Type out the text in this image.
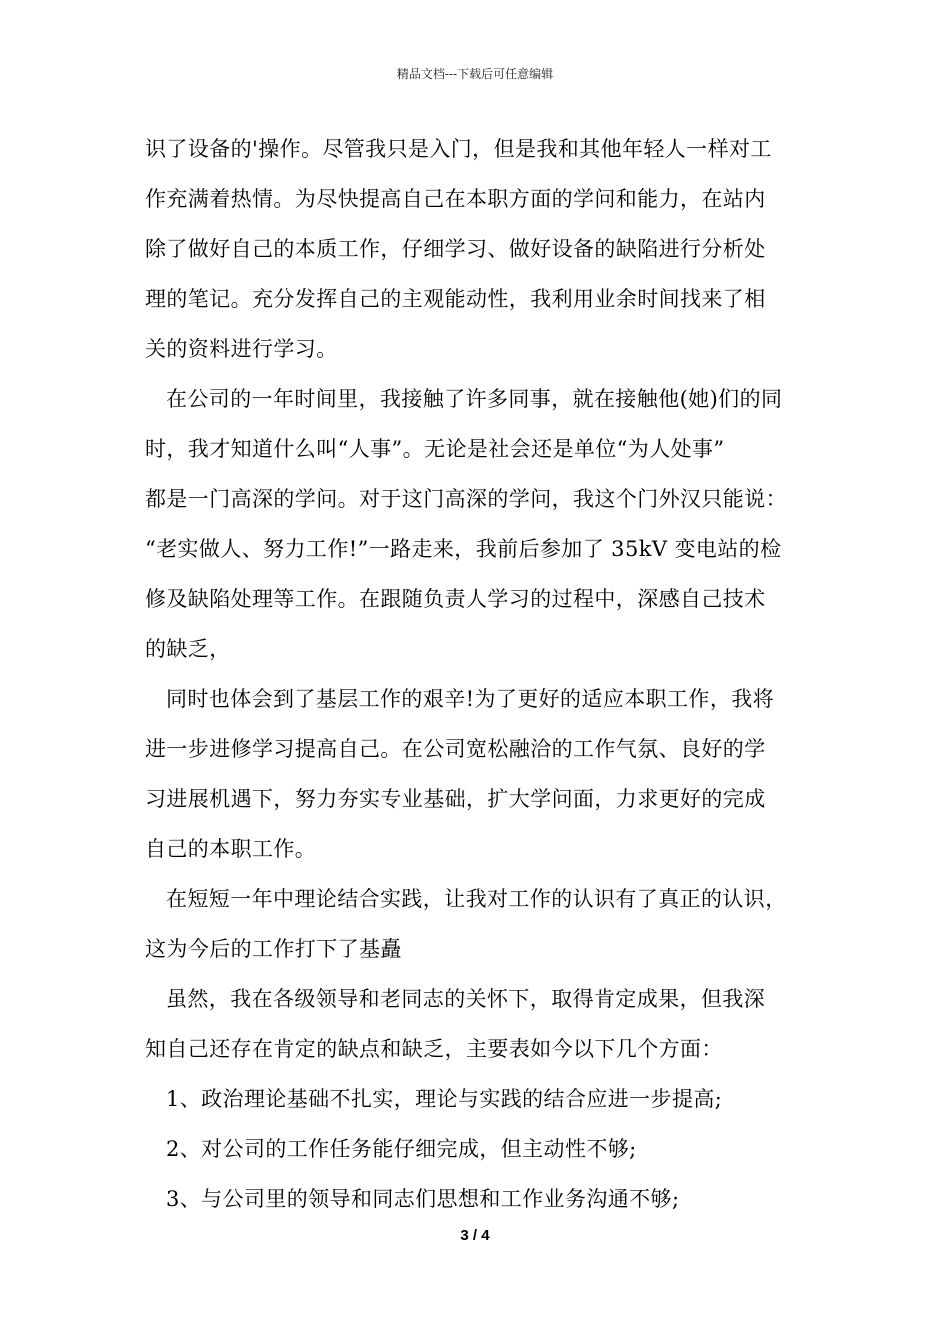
精品文档---下载后可任意编辑
识了设备的'操作。尽管我只是入门，但是我和其他年轻人一样对工
作充满着热情。为尽快提高自己在本职方面的学问和能力，在站内
除了做好自己的本质工作，仔细学习、做好设备的缺陷进行分析处
理的笔记。充分发挥自己的主观能动性，我利用业余时间找来了相
关的资料进行学习。
在公司的一年时间里，我接触了许多同事，就在接触他(她)们的同
时，我才知道什么叫“人事”。无论是社会还是单位“为人处事”
都是一门高深的学问。对于这门高深的学问，我这个门外汉只能说：
“老实做人、努力工作!”一路走来，我前后参加了 35kV 变电站的检
修及缺陷处理等工作。在跟随负责人学习的过程中，深感自己技术
的缺乏，
同时也体会到了基层工作的艰辛!为了更好的适应本职工作，我将
进一步进修学习提高自己。在公司宽松融洽的工作气氛、良好的学
习进展机遇下，努力夯实专业基础，扩大学问面，力求更好的完成
自己的本职工作。
在短短一年中理论结合实践，让我对工作的认识有了真正的认识，
这为今后的工作打下了基矗
虽然，我在各级领导和老同志的关怀下，取得肯定成果，但我深
知自己还存在肯定的缺点和缺乏，主要表如今以下几个方面：
1、政治理论基础不扎实，理论与实践的结合应进一步提高;
2、对公司的工作任务能仔细完成，但主动性不够;
3、与公司里的领导和同志们思想和工作业务沟通不够;
3 / 4
